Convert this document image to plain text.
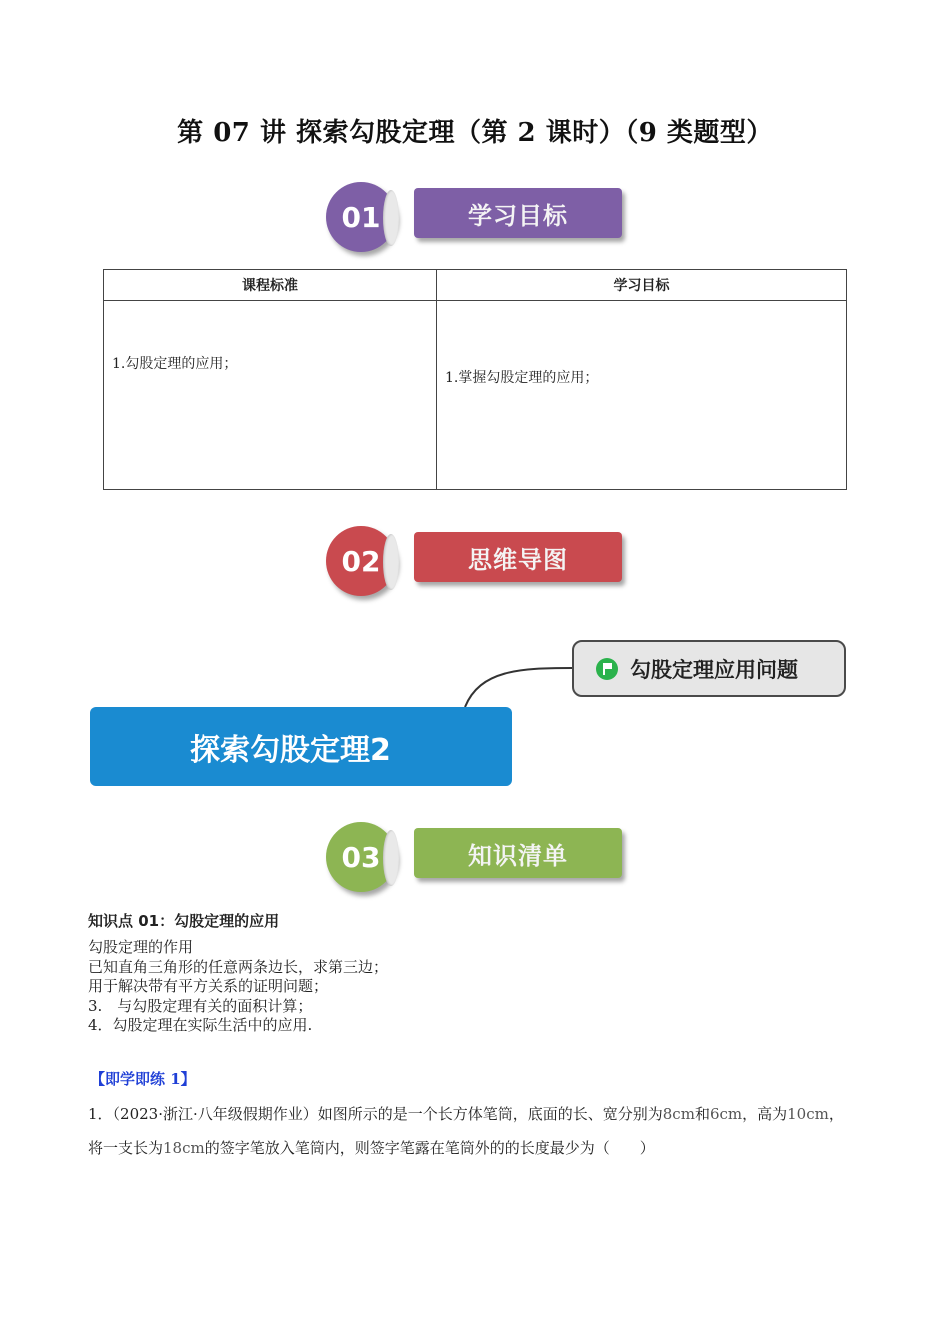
第 07 讲 探索勾股定理（第 2 课时）（9 类题型）
01	学习目标
课程标准	学习目标

1.勾股定理的应用；	1.掌握勾股定理的应用；
02	思维导图
勾股定理应用问题
探索勾股定理2
03	知识清单
知识点 01：勾股定理的应用
勾股定理的作用
已知直角三角形的任意两条边长，求第三边；
用于解决带有平方关系的证明问题；
3.　与勾股定理有关的面积计算；
4．勾股定理在实际生活中的应用.
【即学即练 1】
1．（2023·浙江·八年级假期作业）如图所示的是一个长方体笔筒，底面的长、宽分别为8cm和6cm，高为10cm，将一支长为18cm的签字笔放入笔筒内，则签字笔露在笔筒外的的长度最少为（　　）
